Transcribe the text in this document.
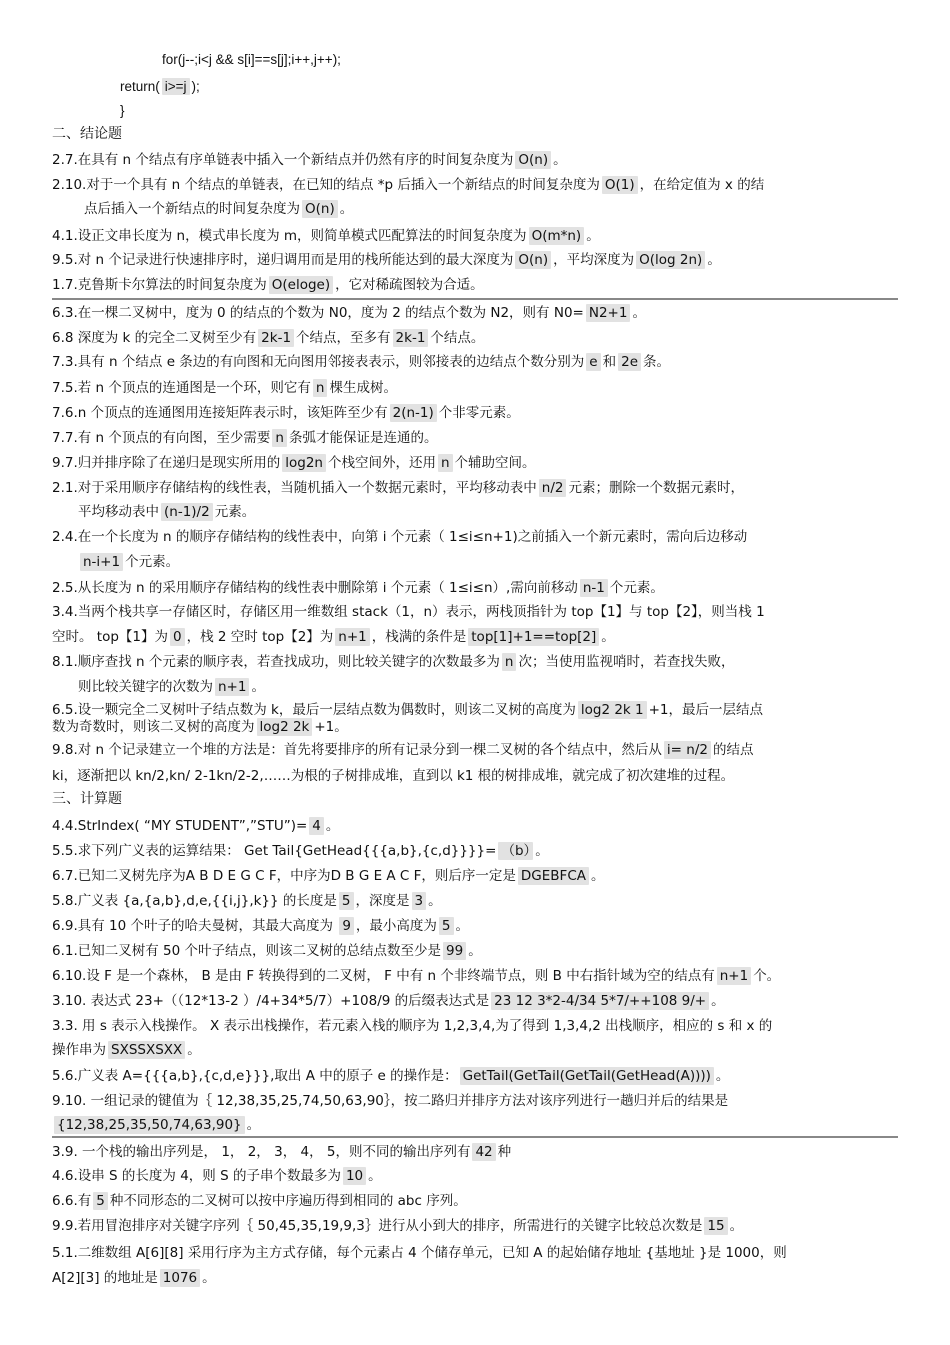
for(j--;i<j && s[i]==s[j];i++,j++);
return( i>=j );
}
二、结论题
三、计算题
2.7.在具有 n 个结点有序单链表中插入一个新结点并仍然有序的时间复杂度为 O(n) 。
2.10.对于一个具有 n 个结点的单链表，在已知的结点 *p 后插入一个新结点的时间复杂度为 O(1) ，在给定值为 x 的结
点后插入一个新结点的时间复杂度为 O(n) 。
4.1.设正文串长度为 n，模式串长度为 m，则简单模式匹配算法的时间复杂度为 O(m*n) 。
9.5.对 n 个记录进行快速排序时，递归调用而是用的栈所能达到的最大深度为 O(n) ，平均深度为 O(log 2n) 。
1.7.克鲁斯卡尔算法的时间复杂度为 O(eloge) ，它对稀疏图较为合适。
6.3.在一棵二叉树中，度为 0 的结点的个数为 N0，度为 2 的结点个数为 N2，则有 N0= N2+1 。
6.8 深度为 k 的完全二叉树至少有 2k-1 个结点，至多有 2k-1 个结点。
7.3.具有 n 个结点 e 条边的有向图和无向图用邻接表表示，则邻接表的边结点个数分别为 e 和 2e 条。
7.5.若 n 个顶点的连通图是一个环，则它有 n 棵生成树。
7.6.n 个顶点的连通图用连接矩阵表示时，该矩阵至少有 2(n-1) 个非零元素。
7.7.有 n 个顶点的有向图，至少需要 n 条弧才能保证是连通的。
9.7.归并排序除了在递归是现实所用的 log2n 个栈空间外，还用 n 个辅助空间。
2.1.对于采用顺序存储结构的线性表，当随机插入一个数据元素时，平均移动表中 n/2 元素；删除一个数据元素时，
平均移动表中 (n-1)/2 元素。
2.4.在一个长度为 n 的顺序存储结构的线性表中，向第 i 个元素（ 1≤i≤n+1)之前插入一个新元素时，需向后边移动
n-i+1 个元素。
2.5.从长度为 n 的采用顺序存储结构的线性表中删除第 i 个元素（ 1≤i≤n）,需向前移动 n-1 个元素。
3.4.当两个栈共享一存储区时，存储区用一维数组 stack（1，n）表示，两栈顶指针为 top【1】与 top【2】，则当栈 1
空时。 top【1】为 0 ，栈 2 空时 top【2】为 n+1 ，栈满的条件是 top[1]+1==top[2] 。
8.1.顺序查找 n 个元素的顺序表，若查找成功，则比较关键字的次数最多为 n 次；当使用监视哨时，若查找失败，
则比较关键字的次数为 n+1 。
6.5.设一颗完全二叉树叶子结点数为 k，最后一层结点数为偶数时，则该二叉树的高度为 log2 2k 1 +1，最后一层结点
数为奇数时，则该二叉树的高度为 log2 2k +1。
9.8.对 n 个记录建立一个堆的方法是：首先将要排序的所有记录分到一棵二叉树的各个结点中，然后从 i= n/2 的结点
ki，逐渐把以 kn/2,kn/ 2-1kn/2-2,……为根的子树排成堆，直到以 k1 根的树排成堆，就完成了初次建堆的过程。
4.4.StrIndex( “MY STUDENT”,”STU”)= 4 。
5.5.求下列广义表的运算结果： Get Tail{GetHead{{{a,b},{c,d}}}}= （b） 。
6.7.已知二叉树先序为A B D E G C F，中序为D B G E A C F，则后序一定是 DGEBFCA 。
5.8.广义表 {a,{a,b},d,e,{{i,j},k}} 的长度是 5 ，深度是 3 。
6.9.具有 10 个叶子的哈夫曼树，其最大高度为 9 ，最小高度为 5 。
6.1.已知二叉树有 50 个叶子结点，则该二叉树的总结点数至少是 99 。
6.10.设 F 是一个森林， B 是由 F 转换得到的二叉树， F 中有 n 个非终端节点，则 B 中右指针域为空的结点有 n+1 个。
3.10. 表达式 23+（（12*13-2 ）/4+34*5/7）+108/9 的后缀表达式是 23 12 3*2-4/34 5*7/++108 9/+ 。
3.3. 用 s 表示入栈操作。 X 表示出栈操作，若元素入栈的顺序为 1,2,3,4,为了得到 1,3,4,2 出栈顺序，相应的 s 和 x 的
操作串为 SXSSXSXX 。
5.6.广义表 A={{{a,b},{c,d,e}}},取出 A 中的原子 e 的操作是： GetTail(GetTail(GetTail(GetHead(A)))) 。
9.10. 一组记录的键值为｛ 12,38,35,25,74,50,63,90｝，按二路归并排序方法对该序列进行一趟归并后的结果是
{12,38,25,35,50,74,63,90} 。
3.9. 一个栈的输出序列是， 1， 2， 3， 4， 5，则不同的输出序列有 42 种
4.6.设串 S 的长度为 4，则 S 的子串个数最多为 10 。
6.6.有 5 种不同形态的二叉树可以按中序遍历得到相同的 abc 序列。
9.9.若用冒泡排序对关键字序列｛ 50,45,35,19,9,3｝进行从小到大的排序，所需进行的关键字比较总次数是 15 。
5.1.二维数组 A[6][8] 采用行序为主方式存储，每个元素占 4 个储存单元，已知 A 的起始储存地址 {基地址 }是 1000，则
A[2][3] 的地址是 1076 。
